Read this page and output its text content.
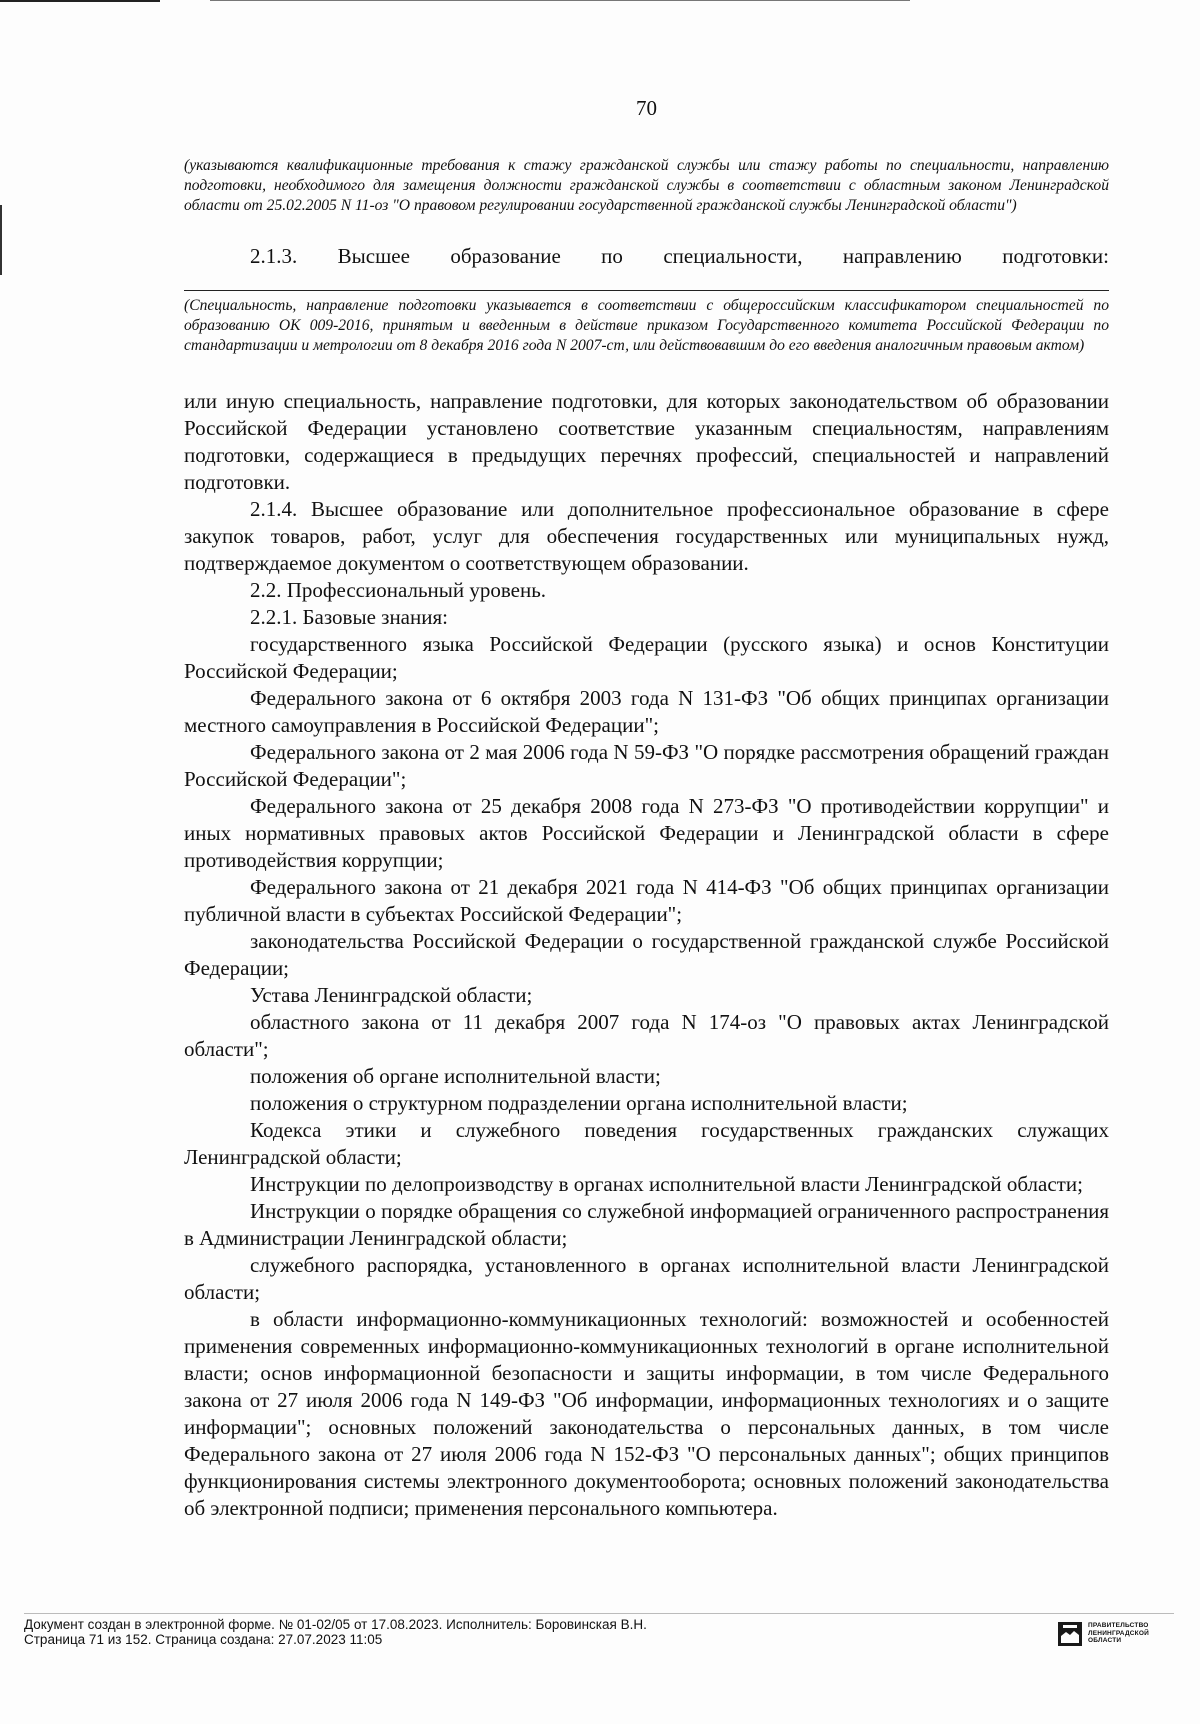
70

(указываются квалификационные требования к стажу гражданской службы или стажу работы по специальности, направлению подготовки, необходимого для замещения должности гражданской службы в соответствии с областным законом Ленинградской области от 25.02.2005 N 11-оз "О правовом регулировании государственной гражданской службы Ленинградской области")

2.1.3. Высшее образование по специальности, направлению подготовки:

(Специальность, направление подготовки указывается в соответствии с общероссийским классификатором специальностей по образованию ОК 009-2016, принятым и введенным в действие приказом Государственного комитета Российской Федерации по стандартизации и метрологии от 8 декабря 2016 года N 2007-ст, или действовавшим до его введения аналогичным правовым актом)

или иную специальность, направление подготовки, для которых законодательством об образовании Российской Федерации установлено соответствие указанным специальностям, направлениям подготовки, содержащиеся в предыдущих перечнях профессий, специальностей и направлений подготовки.

2.1.4. Высшее образование или дополнительное профессиональное образование в сфере закупок товаров, работ, услуг для обеспечения государственных или муниципальных нужд, подтверждаемое документом о соответствующем образовании.

2.2. Профессиональный уровень.

2.2.1. Базовые знания:

государственного языка Российской Федерации (русского языка) и основ Конституции Российской Федерации;

Федерального закона от 6 октября 2003 года N 131-ФЗ "Об общих принципах организации местного самоуправления в Российской Федерации";

Федерального закона от 2 мая 2006 года N 59-ФЗ "О порядке рассмотрения обращений граждан Российской Федерации";

Федерального закона от 25 декабря 2008 года N 273-ФЗ "О противодействии коррупции" и иных нормативных правовых актов Российской Федерации и Ленинградской области в сфере противодействия коррупции;

Федерального закона от 21 декабря 2021 года N 414-ФЗ "Об общих принципах организации публичной власти в субъектах Российской Федерации";

законодательства Российской Федерации о государственной гражданской службе Российской Федерации;

Устава Ленинградской области;

областного закона от 11 декабря 2007 года N 174-оз "О правовых актах Ленинградской области";

положения об органе исполнительной власти;

положения о структурном подразделении органа исполнительной власти;

Кодекса этики и служебного поведения государственных гражданских служащих Ленинградской области;

Инструкции по делопроизводству в органах исполнительной власти Ленинградской области;

Инструкции о порядке обращения со служебной информацией ограниченного распространения в Администрации Ленинградской области;

служебного распорядка, установленного в органах исполнительной власти Ленинградской области;

в области информационно-коммуникационных технологий: возможностей и особенностей применения современных информационно-коммуникационных технологий в органе исполнительной власти; основ информационной безопасности и защиты информации, в том числе Федерального закона от 27 июля 2006 года N 149-ФЗ "Об информации, информационных технологиях и о защите информации"; основных положений законодательства о персональных данных, в том числе Федерального закона от 27 июля 2006 года N 152-ФЗ "О персональных данных"; общих принципов функционирования системы электронного документооборота; основных положений законодательства об электронной подписи; применения персонального компьютера.

Документ создан в электронной форме. № 01-02/05 от 17.08.2023. Исполнитель: Боровинская В.Н.
Страница 71 из 152. Страница создана: 27.07.2023 11:05
ПРАВИТЕЛЬСТВО
ЛЕНИНГРАДСКОЙ
ОБЛАСТИ
